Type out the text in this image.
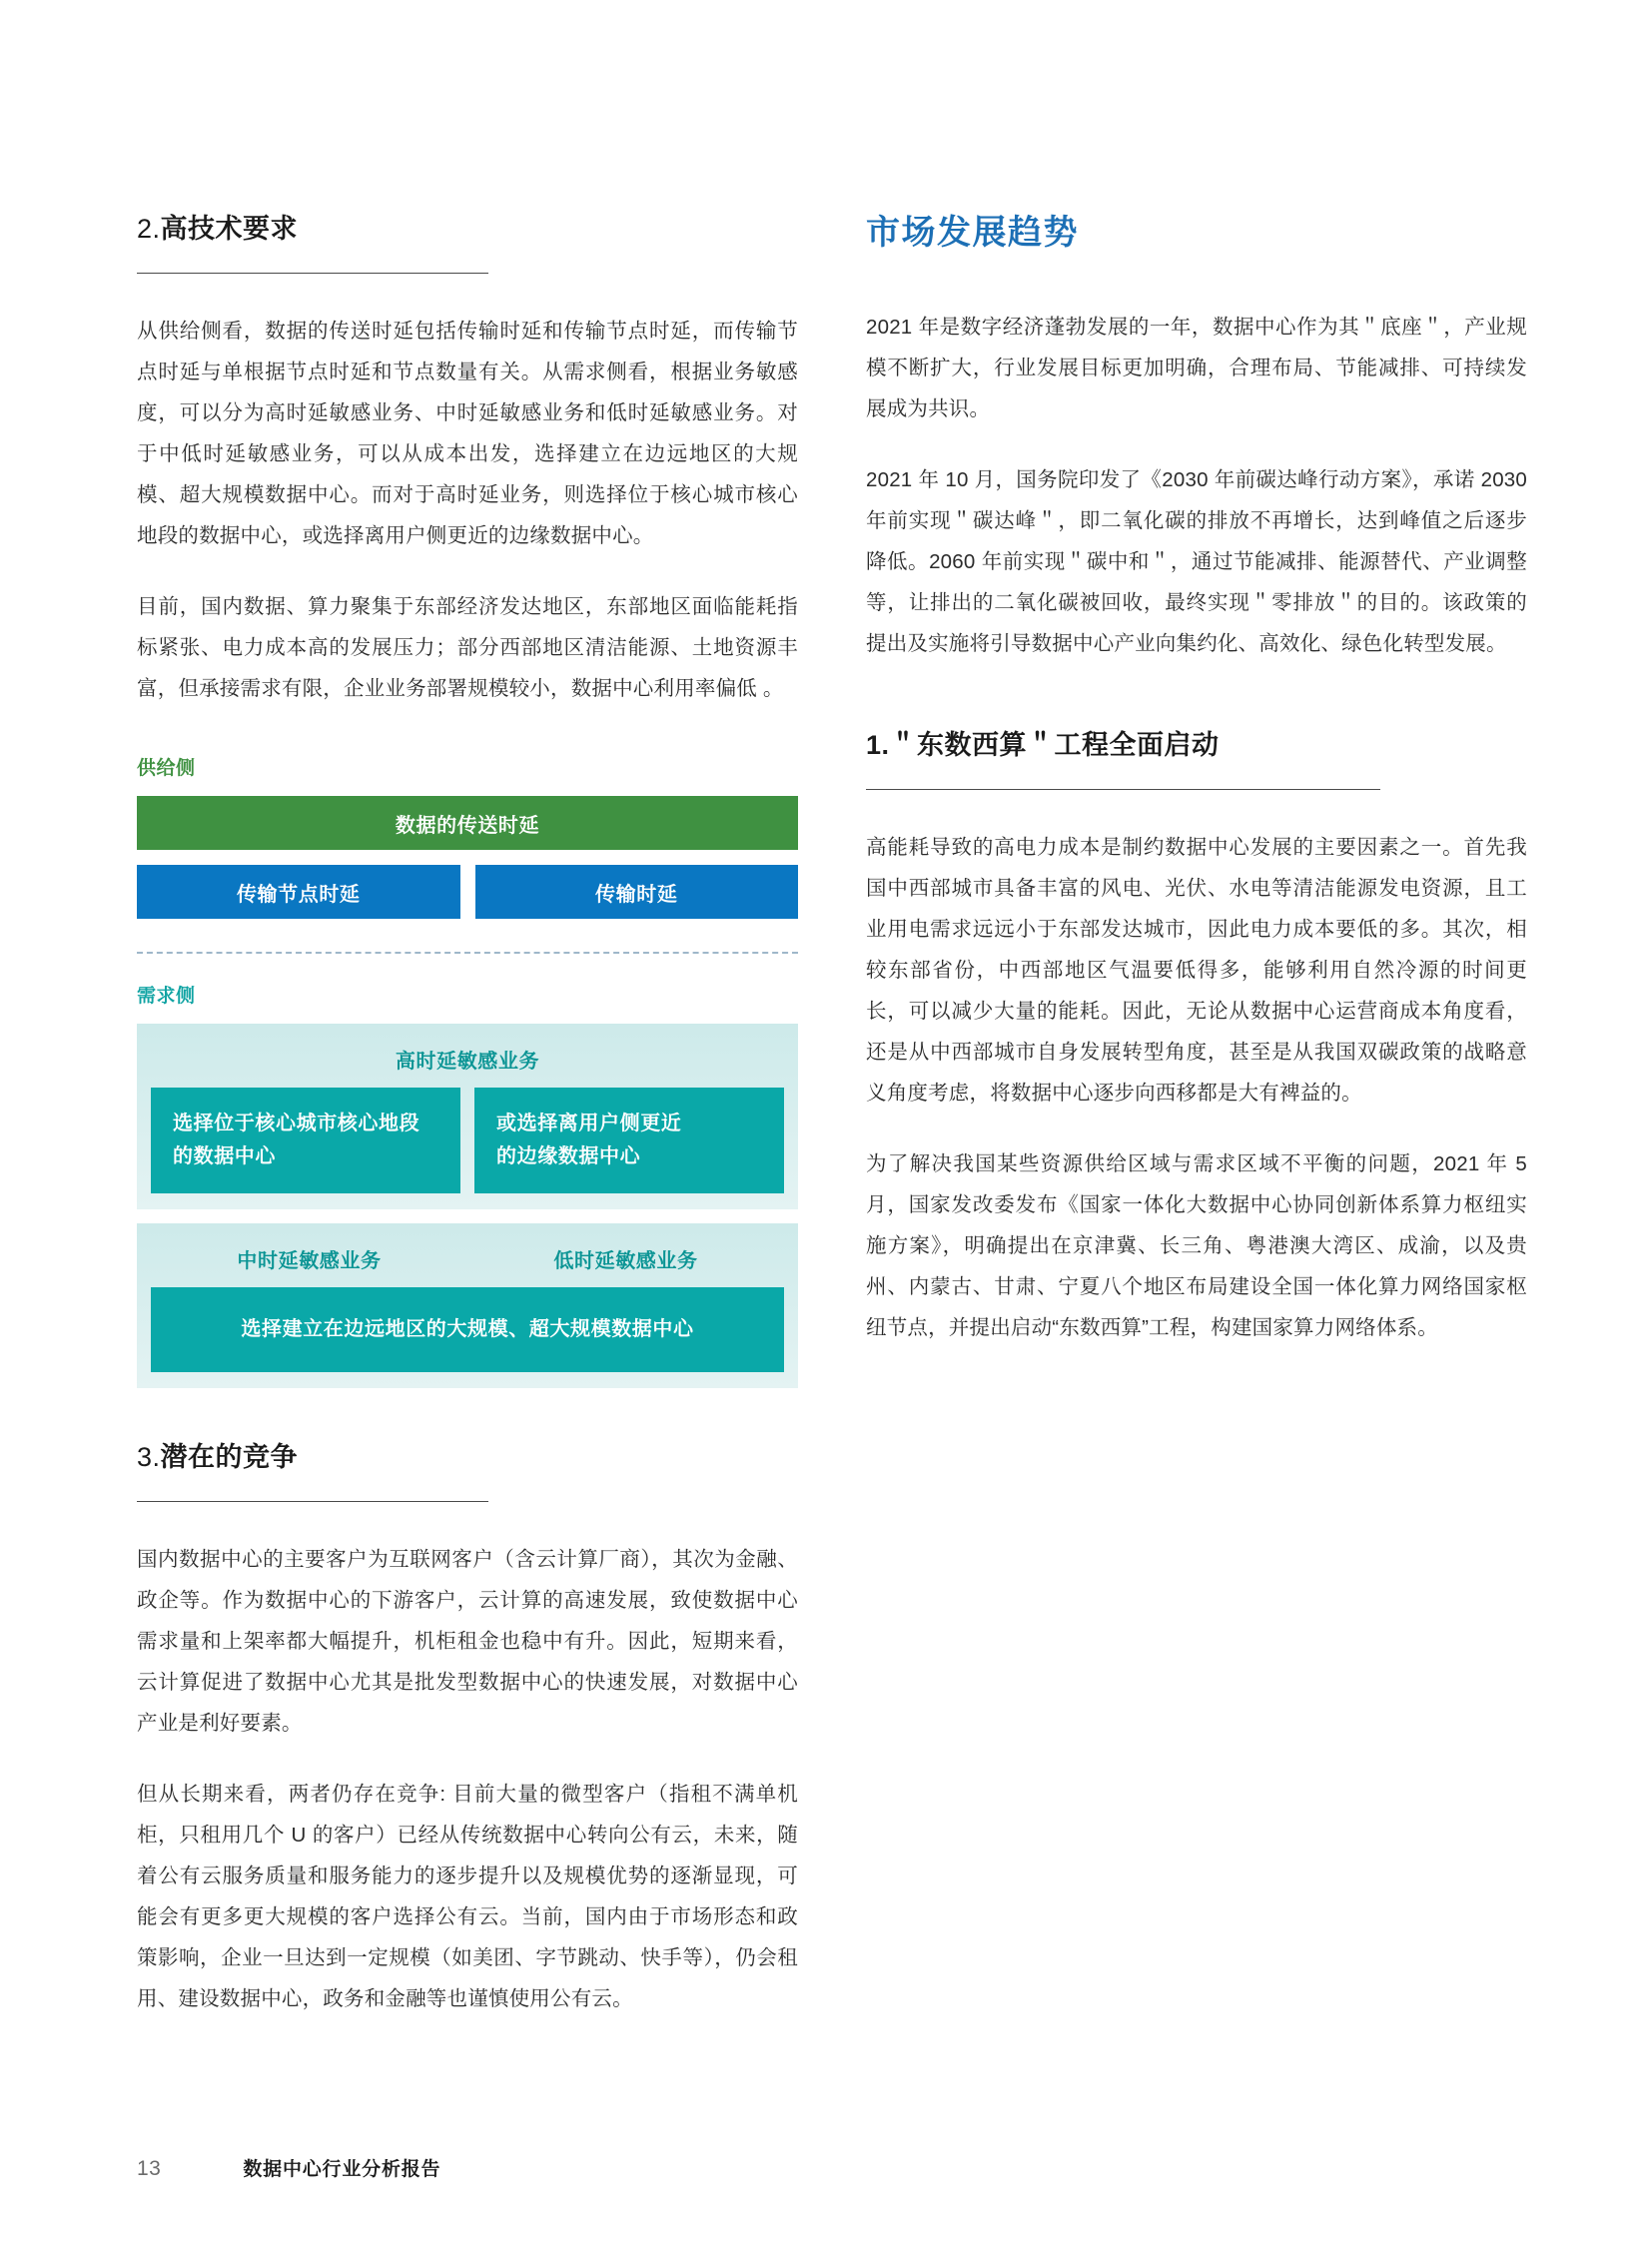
2.高技术要求

从供给侧看，数据的传送时延包括传输时延和传输节点时延，而传输节点时延与单根据节点时延和节点数量有关。从需求侧看，根据业务敏感度，可以分为高时延敏感业务、中时延敏感业务和低时延敏感业务。对于中低时延敏感业务，可以从成本出发，选择建立在边远地区的大规模、超大规模数据中心。而对于高时延业务，则选择位于核心城市核心地段的数据中心，或选择离用户侧更近的边缘数据中心。

目前，国内数据、算力聚集于东部经济发达地区，东部地区面临能耗指标紧张、电力成本高的发展压力；部分西部地区清洁能源、土地资源丰富，但承接需求有限，企业业务部署规模较小，数据中心利用率偏低 。

供给侧
数据的传送时延
传输节点时延	传输时延
需求侧
高时延敏感业务
选择位于核心城市核心地段
的数据中心
或选择离用户侧更近
的边缘数据中心
中时延敏感业务	低时延敏感业务
选择建立在边远地区的大规模、超大规模数据中心
3.潜在的竞争

国内数据中心的主要客户为互联网客户（含云计算厂商），其次为金融、政企等。作为数据中心的下游客户，云计算的高速发展，致使数据中心需求量和上架率都大幅提升，机柜租金也稳中有升。因此，短期来看，云计算促进了数据中心尤其是批发型数据中心的快速发展，对数据中心产业是利好要素。

但从长期来看，两者仍存在竞争: 目前大量的微型客户（指租不满单机柜，只租用几个 U 的客户）已经从传统数据中心转向公有云，未来，随着公有云服务质量和服务能力的逐步提升以及规模优势的逐渐显现，可能会有更多更大规模的客户选择公有云。当前，国内由于市场形态和政策影响，企业一旦达到一定规模（如美团、字节跳动、快手等），仍会租用、建设数据中心，政务和金融等也谨慎使用公有云。

市场发展趋势

2021 年是数字经济蓬勃发展的一年，数据中心作为其＂底座＂，产业规模不断扩大，行业发展目标更加明确，合理布局、节能减排、可持续发展成为共识。

2021 年 10 月，国务院印发了《2030 年前碳达峰行动方案》，承诺 2030 年前实现＂碳达峰＂，即二氧化碳的排放不再增长，达到峰值之后逐步降低。2060 年前实现＂碳中和＂，通过节能减排、能源替代、产业调整等，让排出的二氧化碳被回收，最终实现＂零排放＂的目的。该政策的提出及实施将引导数据中心产业向集约化、高效化、绿色化转型发展。

1.＂东数西算＂工程全面启动

高能耗导致的高电力成本是制约数据中心发展的主要因素之一。首先我国中西部城市具备丰富的风电、光伏、水电等清洁能源发电资源，且工业用电需求远远小于东部发达城市，因此电力成本要低的多。其次，相较东部省份，中西部地区气温要低得多，能够利用自然冷源的时间更长，可以减少大量的能耗。因此，无论从数据中心运营商成本角度看，还是从中西部城市自身发展转型角度，甚至是从我国双碳政策的战略意义角度考虑，将数据中心逐步向西移都是大有裨益的。

为了解决我国某些资源供给区域与需求区域不平衡的问题，2021 年 5 月，国家发改委发布《国家一体化大数据中心协同创新体系算力枢纽实施方案》，明确提出在京津冀、长三角、粤港澳大湾区、成渝，以及贵州、内蒙古、甘肃、宁夏八个地区布局建设全国一体化算力网络国家枢纽节点，并提出启动“东数西算”工程，构建国家算力网络体系。

13	数据中心行业分析报告
